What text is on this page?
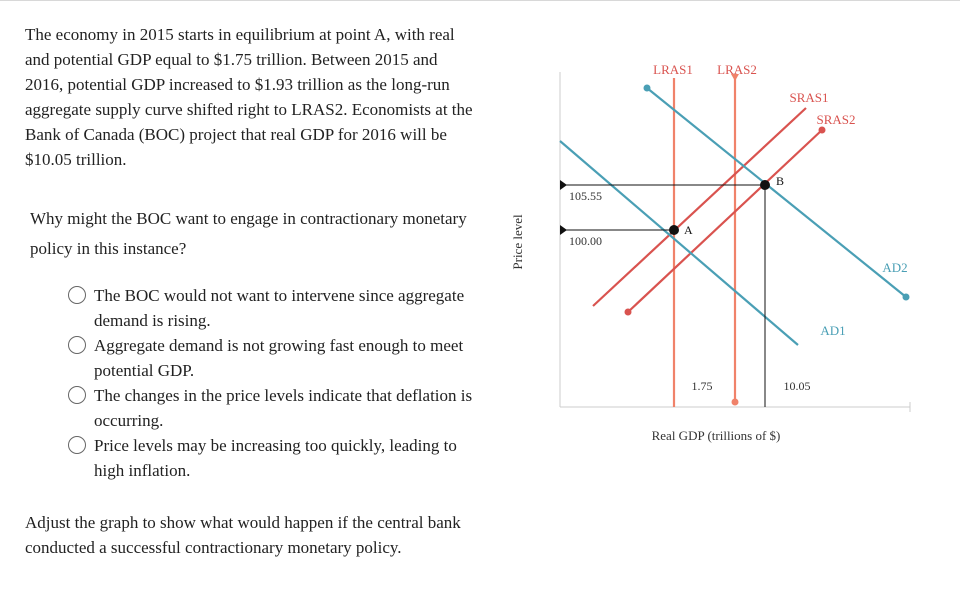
The economy in 2015 starts in equilibrium at point A, with real and potential GDP equal to $1.75 trillion. Between 2015 and 2016, potential GDP increased to $1.93 trillion as the long-run aggregate supply curve shifted right to LRAS2. Economists at the Bank of Canada (BOC) project that real GDP for 2016 will be $10.05 trillion.

Why might the BOC want to engage in contractionary monetary policy in this instance?

The BOC would not want to intervene since aggregate demand is rising.
Aggregate demand is not growing fast enough to meet potential GDP.
The changes in the price levels indicate that deflation is occurring.
Price levels may be increasing too quickly, leading to high inflation.

Adjust the graph to show what would happen if the central bank conducted a successful contractionary monetary policy.

Price level
Real GDP (trillions of $)
105.55
100.00
1.75	10.05
A
B
LRAS1 LRAS2
SRAS1
SRAS2
AD1
AD2
